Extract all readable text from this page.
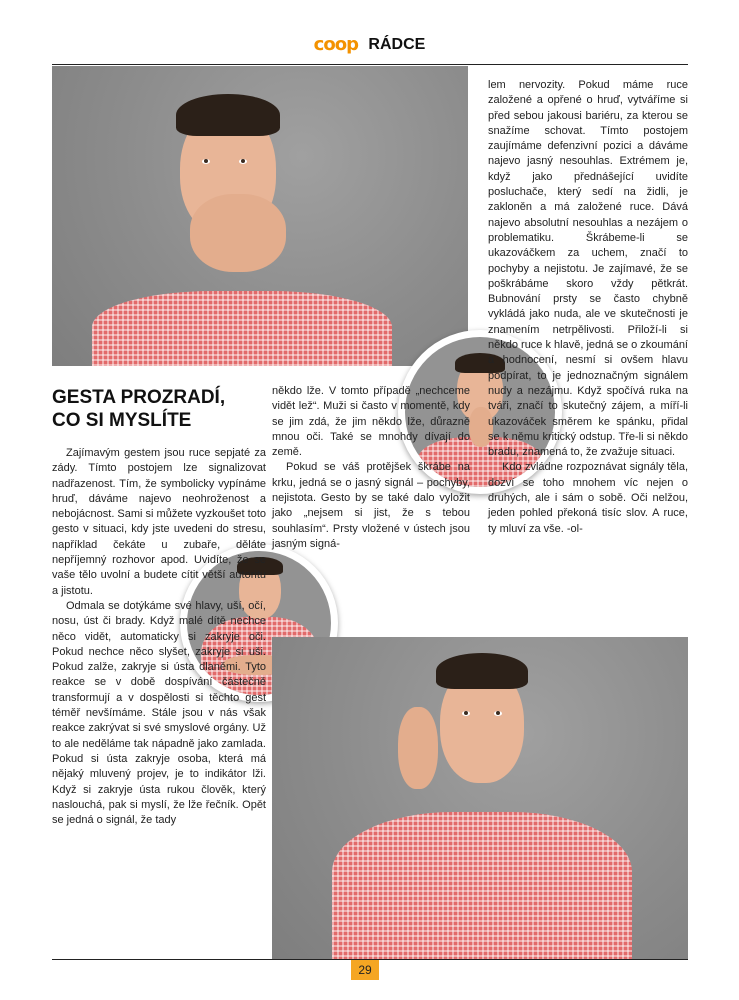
coop RÁDCE
GESTA PROZRADÍ,
CO SI MYSLÍTE

Zajímavým gestem jsou ruce sepjaté za zády. Tímto postojem lze signalizovat nadřazenost. Tím, že symbolicky vypínáme hruď, dáváme najevo neohroženost a nebojácnost. Sami si můžete vyzkoušet toto gesto v situaci, kdy jste uvedeni do stresu, například čekáte u zubaře, děláte nepříjemný rozhovor apod. Uvidíte, že se vaše tělo uvolní a budete cítit větší autoritu a jistotu.

Odmala se dotýkáme své hlavy, uší, očí, nosu, úst či brady. Když malé dítě nechce něco vidět, automaticky si zakryje oči. Pokud nechce něco slyšet, zakryje si uši. Pokud zalže, zakryje si ústa dlaněmi. Tyto reakce se v době dospívání částečně transformují a v dospělosti si těchto gest téměř nevšímáme. Stále jsou v nás však reakce zakrývat si své smyslové orgány. Už to ale neděláme tak nápadně jako zamlada. Pokud si ústa zakryje osoba, která má nějaký mluvený projev, je to indikátor lži. Když si zakryje ústa rukou člověk, který naslouchá, pak si myslí, že lže řečník. Opět se jedná o signál, že tady

někdo lže. V tomto případě „nechceme vidět lež“. Muži si často v momentě, kdy se jim zdá, že jim někdo lže, důrazně mnou oči. Také se mnohdy dívají do země.

Pokud se váš protějšek škrábe na krku, jedná se o jasný signál – pochyby, nejistota. Gesto by se také dalo vyložit jako „nejsem si jist, že s tebou souhlasím“. Prsty vložené v ústech jsou jasným signá-

lem nervozity. Pokud máme ruce založené a opřené o hruď, vytváříme si před sebou jakousi bariéru, za kterou se snažíme schovat. Tímto postojem zaujímáme defenzivní pozici a dáváme najevo jasný nesouhlas. Extrémem je, když jako přednášející uvidíte posluchače, který sedí na židli, je zakloněn a má založené ruce. Dává najevo absolutní nesouhlas a nezájem o problematiku. Škrábeme-li se ukazováčkem za uchem, značí to pochyby a nejistotu. Je zajímavé, že se poškrábáme skoro vždy pětkrát. Bubnování prsty se často chybně vykládá jako nuda, ale ve skutečnosti je znamením netrpělivosti. Přiloží-li si někdo ruce k hlavě, jedná se o zkoumání a hodnocení, nesmí si ovšem hlavu podpírat, to je jednoznačným signálem nudy a nezájmu. Když spočívá ruka na tváři, značí to skutečný zájem, a míří-li ukazováček směrem ke spánku, přidal se k němu kritický odstup. Tře-li si někdo bradu, znamená to, že zvažuje situaci.

Kdo zvládne rozpoznávat signály těla, dozví se toho mnohem víc nejen o druhých, ale i sám o sobě. Oči nelžou, jeden pohled překoná tisíc slov. A ruce, ty mluví za vše. -ol-

29
